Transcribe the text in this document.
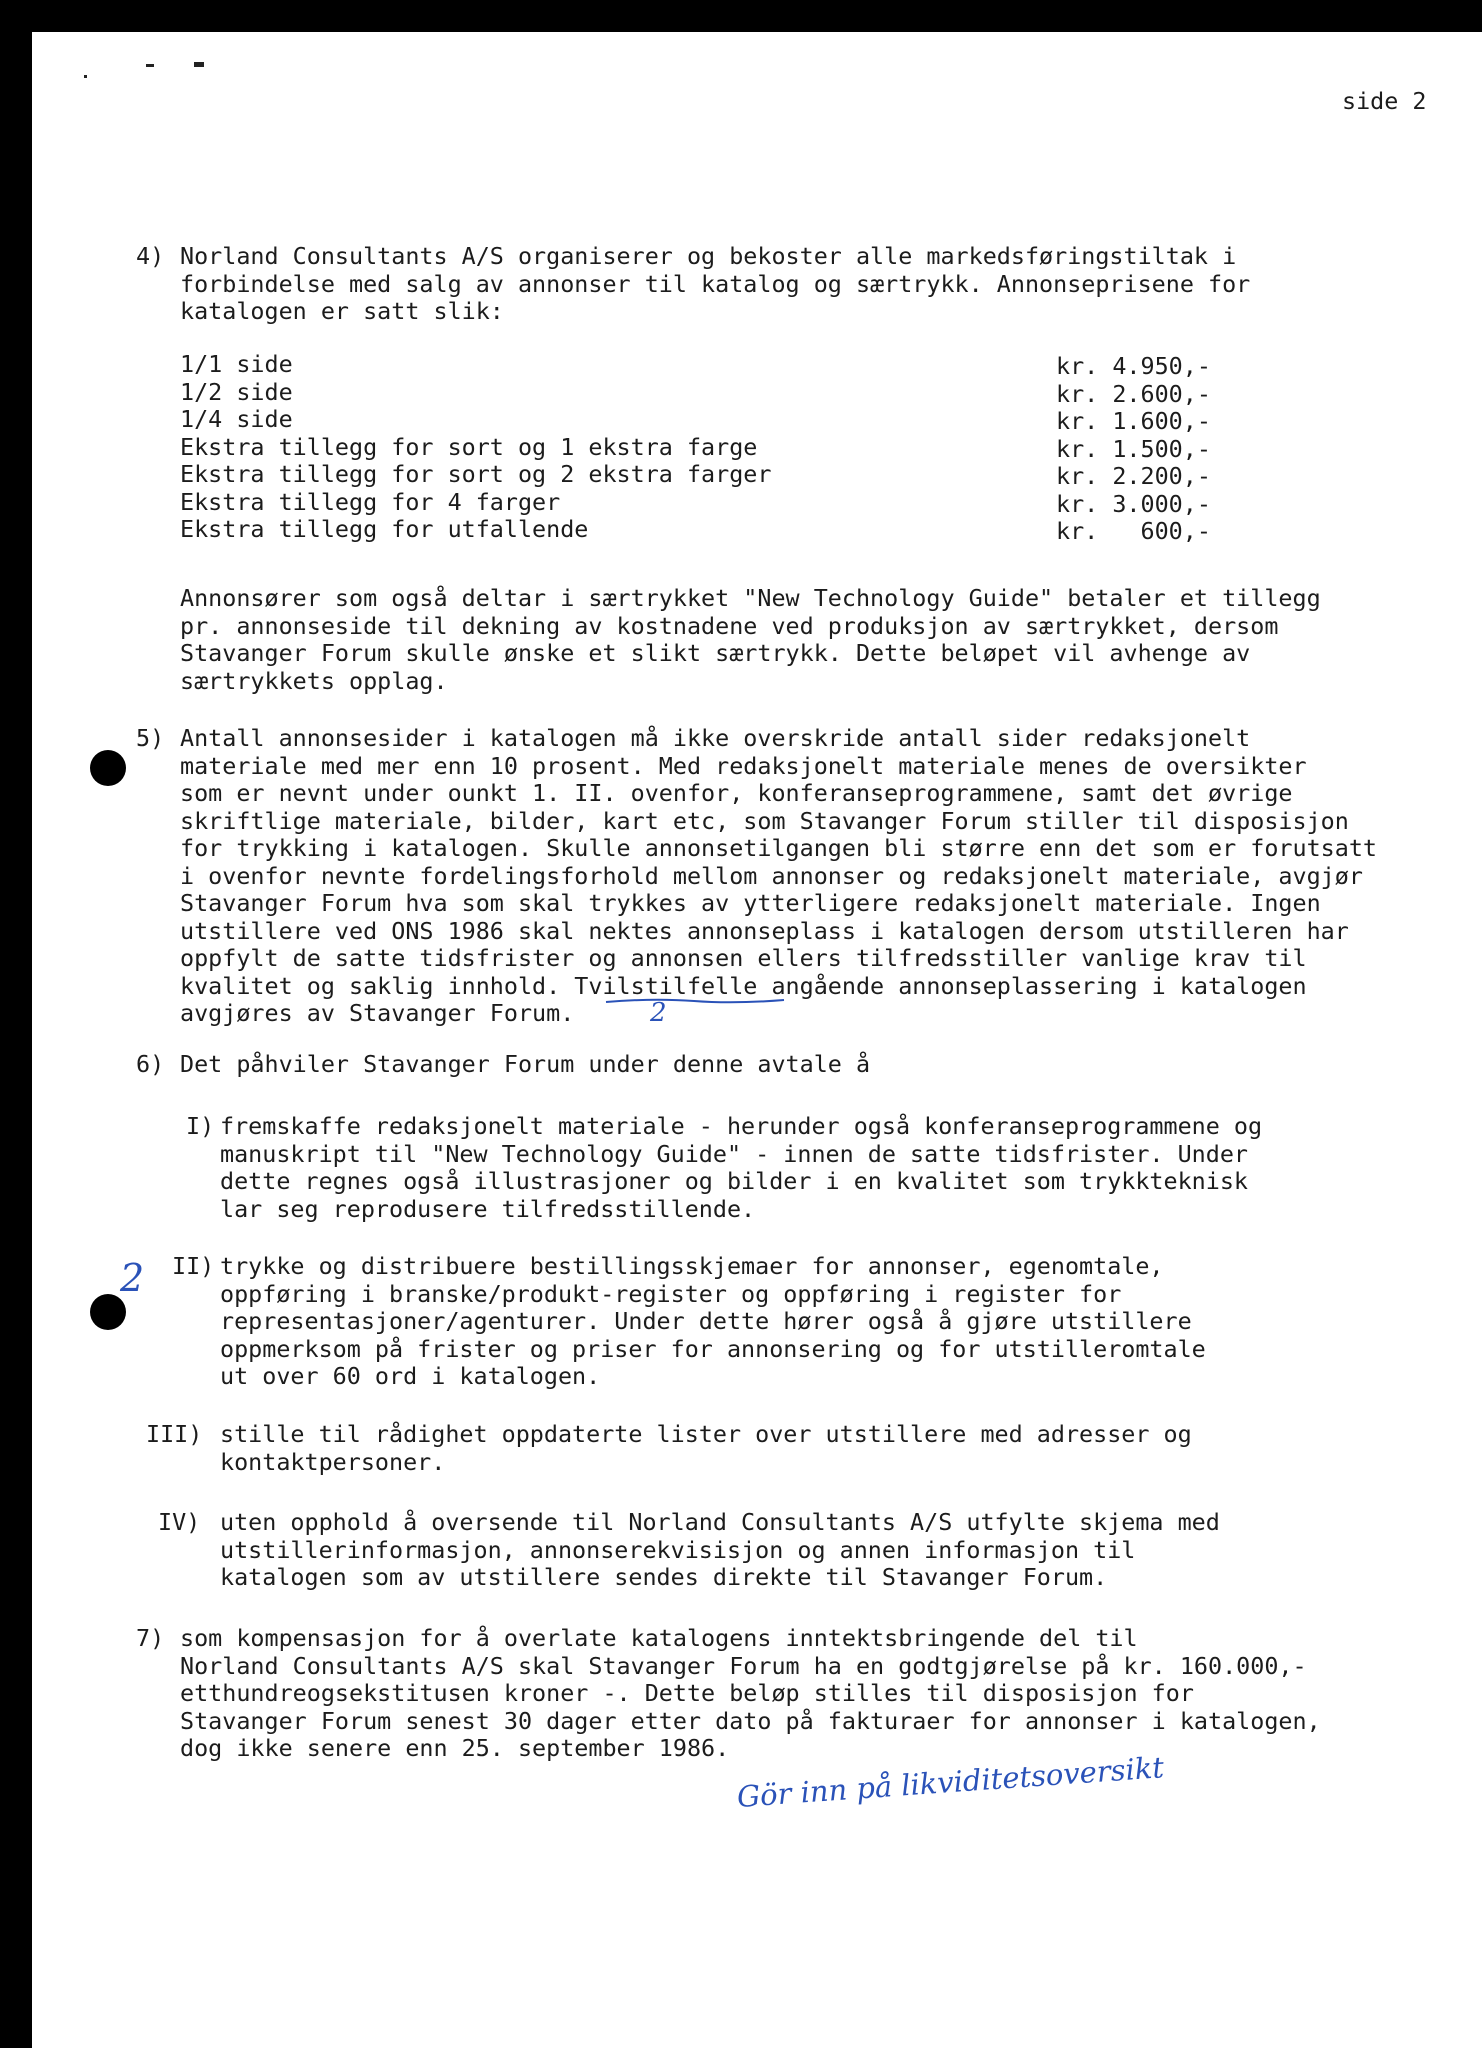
side 2
4) Norland Consultants A/S organiserer og bekoster alle markedsføringstiltak i
forbindelse med salg av annonser til katalog og særtrykk. Annonseprisene for
katalogen er satt slik:
1/1 side	kr. 4.950,-
1/2 side	kr. 2.600,-
1/4 side	kr. 1.600,-
Ekstra tillegg for sort og 1 ekstra farge	kr. 1.500,-
Ekstra tillegg for sort og 2 ekstra farger	kr. 2.200,-
Ekstra tillegg for 4 farger	kr. 3.000,-
Ekstra tillegg for utfallende	kr.   600,-
Annonsører som også deltar i særtrykket "New Technology Guide" betaler et tillegg
pr. annonseside til dekning av kostnadene ved produksjon av særtrykket, dersom
Stavanger Forum skulle ønske et slikt særtrykk. Dette beløpet vil avhenge av
særtrykkets opplag.
5) Antall annonsesider i katalogen må ikke overskride antall sider redaksjonelt
materiale med mer enn 10 prosent. Med redaksjonelt materiale menes de oversikter
som er nevnt under ounkt 1. II. ovenfor, konferanseprogrammene, samt det øvrige
skriftlige materiale, bilder, kart etc, som Stavanger Forum stiller til disposisjon
for trykking i katalogen. Skulle annonsetilgangen bli større enn det som er forutsatt
i ovenfor nevnte fordelingsforhold mellom annonser og redaksjonelt materiale, avgjør
Stavanger Forum hva som skal trykkes av ytterligere redaksjonelt materiale. Ingen
utstillere ved ONS 1986 skal nektes annonseplass i katalogen dersom utstilleren har
oppfylt de satte tidsfrister og annonsen ellers tilfredsstiller vanlige krav til
kvalitet og saklig innhold. Tvilstilfelle angående annonseplassering i katalogen
avgjøres av Stavanger Forum.
6) Det påhviler Stavanger Forum under denne avtale å
I) fremskaffe redaksjonelt materiale - herunder også konferanseprogrammene og
manuskript til "New Technology Guide" - innen de satte tidsfrister. Under
dette regnes også illustrasjoner og bilder i en kvalitet som trykkteknisk
lar seg reprodusere tilfredsstillende.
II) trykke og distribuere bestillingsskjemaer for annonser, egenomtale,
oppføring i branske/produkt-register og oppføring i register for
representasjoner/agenturer. Under dette hører også å gjøre utstillere
oppmerksom på frister og priser for annonsering og for utstilleromtale
ut over 60 ord i katalogen.
III) stille til rådighet oppdaterte lister over utstillere med adresser og
kontaktpersoner.
IV) uten opphold å oversende til Norland Consultants A/S utfylte skjema med
utstillerinformasjon, annonserekvisisjon og annen informasjon til
katalogen som av utstillere sendes direkte til Stavanger Forum.
7) som kompensasjon for å overlate katalogens inntektsbringende del til
Norland Consultants A/S skal Stavanger Forum ha en godtgjørelse på kr. 160.000,-
etthundreogsekstitusen kroner -. Dette beløp stilles til disposisjon for
Stavanger Forum senest 30 dager etter dato på fakturaer for annonser i katalogen,
dog ikke senere enn 25. september 1986.
2
2
Gör inn på likviditetsoversikt
